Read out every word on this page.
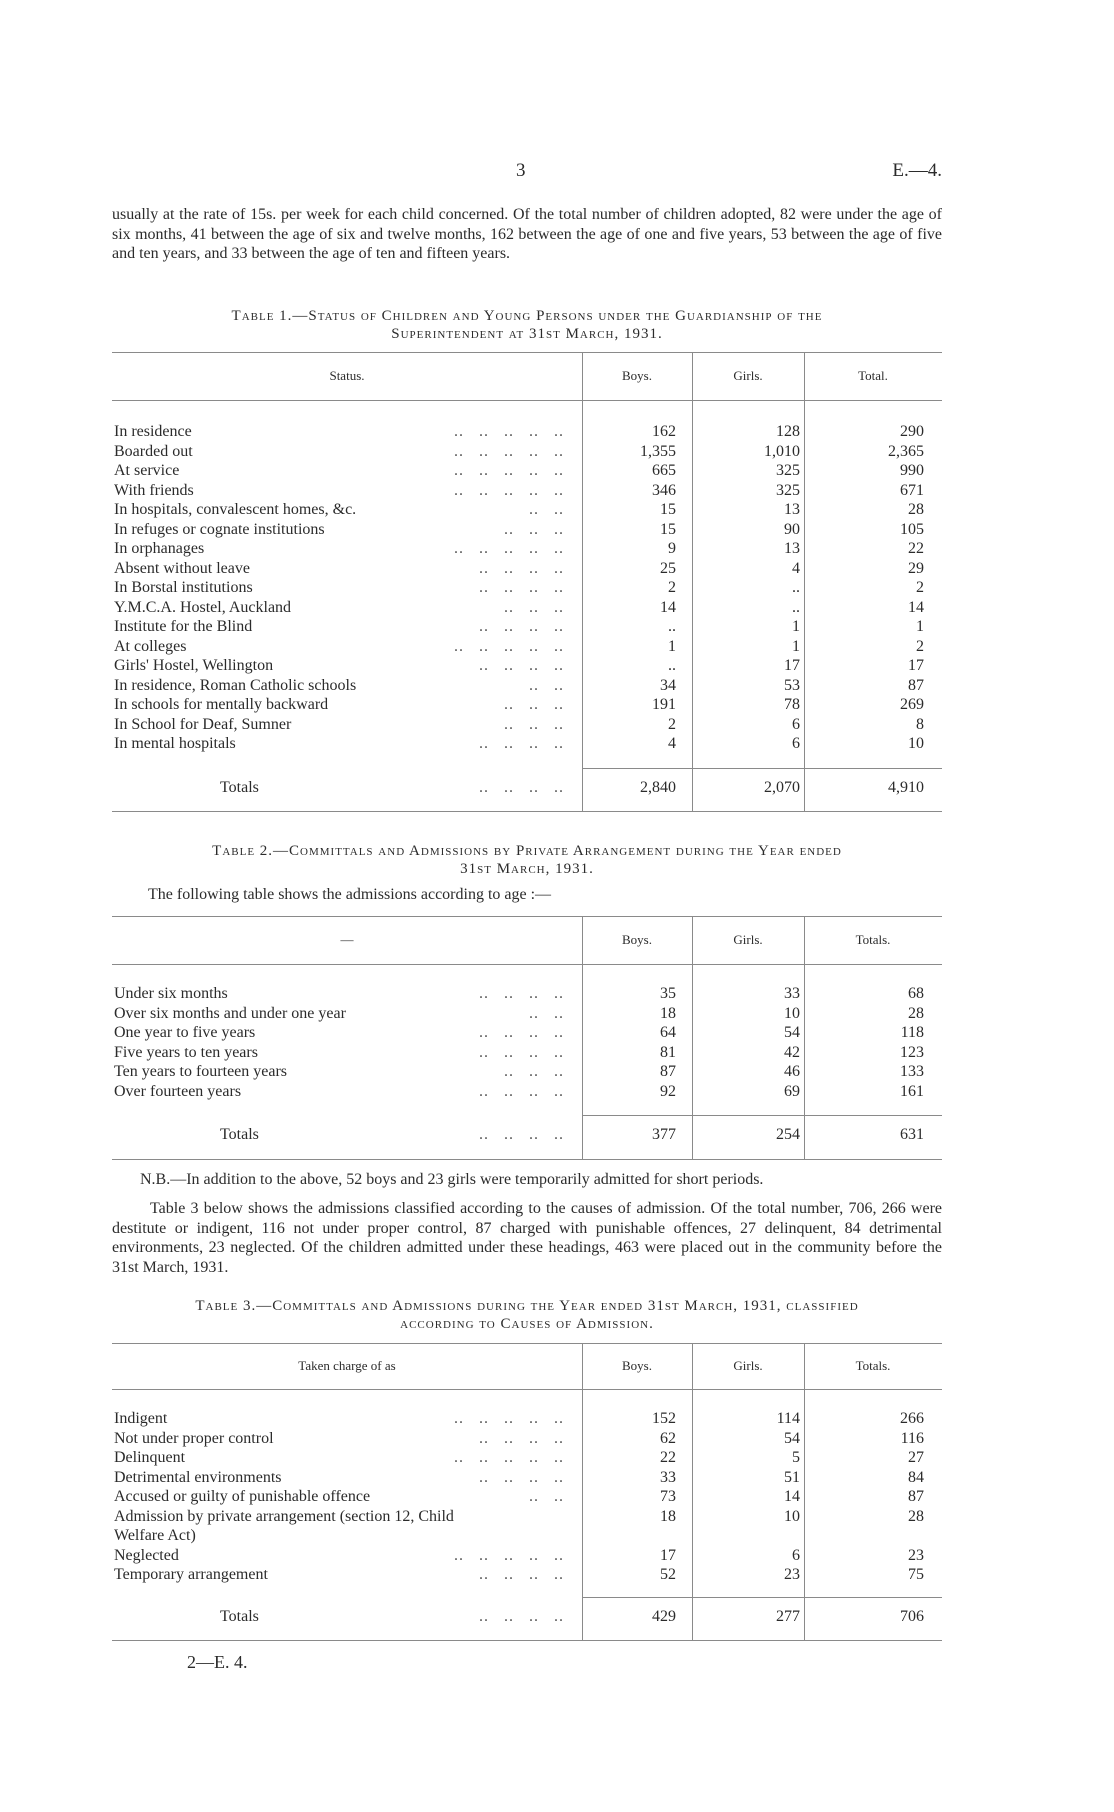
3	E.—4.

usually at the rate of 15s. per week for each child concerned. Of the total number of children adopted, 82 were under the age of six months, 41 between the age of six and twelve months, 162 between the age of one and five years, 53 between the age of five and ten years, and 33 between the age of ten and fifteen years.

Table 1.—Status of Children and Young Persons under the Guardianship of the
Superintendent at 31st March, 1931.
Status.	Boys.	Girls.	Total.
In residence	..   ..   ..   ..   ..	162	128	290
Boarded out	..   ..   ..   ..   ..	1,355	1,010	2,365
At service	..   ..   ..   ..   ..	665	325	990
With friends	..   ..   ..   ..   ..	346	325	671
In hospitals, convalescent homes, &c.	..   ..	15	13	28
In refuges or cognate institutions	..   ..   ..	15	90	105
In orphanages	..   ..   ..   ..   ..	9	13	22
Absent without leave	..   ..   ..   ..	25	4	29
In Borstal institutions	..   ..   ..   ..	2	..	2
Y.M.C.A. Hostel, Auckland	..   ..   ..	14	..	14
Institute for the Blind	..   ..   ..   ..	..	1	1
At colleges	..   ..   ..   ..   ..	1	1	2
Girls' Hostel, Wellington	..   ..   ..   ..	..	17	17
In residence, Roman Catholic schools	..   ..	34	53	87
In schools for mentally backward	..   ..   ..	191	78	269
In School for Deaf, Sumner	..   ..   ..	2	6	8
In mental hospitals	..   ..   ..   ..	4	6	10
Totals	..   ..   ..   ..	2,840	2,070	4,910
Table 2.—Committals and Admissions by Private Arrangement during the Year ended
31st March, 1931.
The following table shows the admissions according to age :—
—	Boys.	Girls.	Totals.
Under six months	..   ..   ..   ..	35	33	68
Over six months and under one year	..   ..	18	10	28
One year to five years	..   ..   ..   ..	64	54	118
Five years to ten years	..   ..   ..   ..	81	42	123
Ten years to fourteen years	..   ..   ..	87	46	133
Over fourteen years	..   ..   ..   ..	92	69	161
Totals	..   ..   ..   ..	377	254	631

N.B.—In addition to the above, 52 boys and 23 girls were temporarily admitted for short periods.

Table 3 below shows the admissions classified according to the causes of admission. Of the total number, 706, 266 were destitute or indigent, 116 not under proper control, 87 charged with punishable offences, 27 delinquent, 84 detrimental environments, 23 neglected. Of the children admitted under these headings, 463 were placed out in the community before the 31st March, 1931.

Table 3.—Committals and Admissions during the Year ended 31st March, 1931, classified
according to Causes of Admission.
Taken charge of as	Boys.	Girls.	Totals.
Indigent	..   ..   ..   ..   ..	152	114	266
Not under proper control	..   ..   ..   ..	62	54	116
Delinquent	..   ..   ..   ..   ..	22	5	27
Detrimental environments	..   ..   ..   ..	33	51	84
Accused or guilty of punishable offence	..   ..	73	14	87
Admission by private arrangement (section 12, Child	18	10	28
Welfare Act)
Neglected	..   ..   ..   ..   ..	17	6	23
Temporary arrangement	..   ..   ..   ..	52	23	75
Totals	..   ..   ..   ..	429	277	706
2—E. 4.
